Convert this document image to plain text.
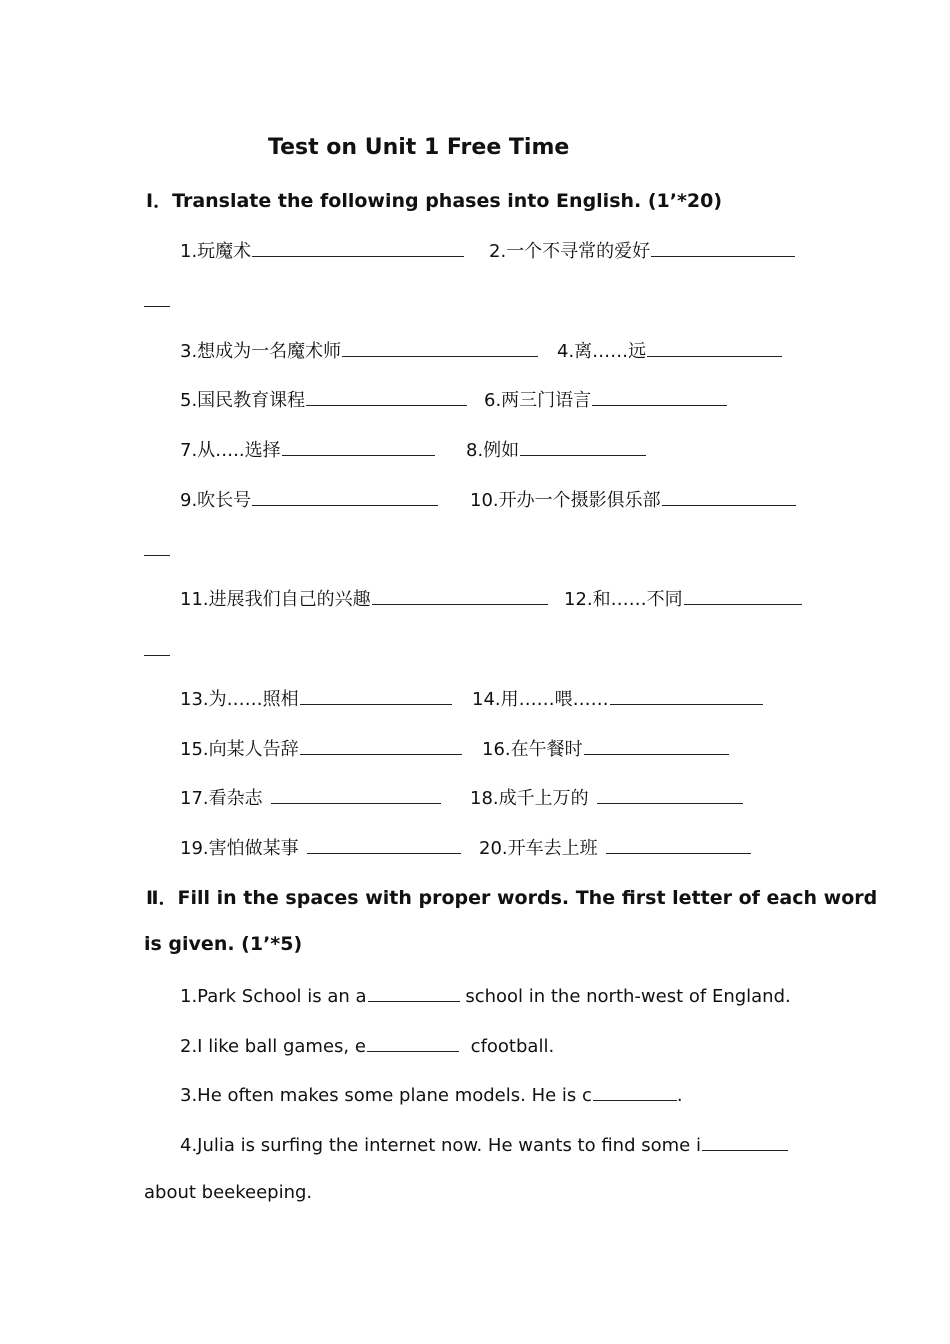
Test on Unit 1 Free Time
Ⅰ．Translate the following phases into English. (1’*20)
1.玩魔术	2.一个不寻常的爱好
3.想成为一名魔术师	4.离……远
5.国民教育课程	6.两三门语言
7.从…..选择	8.例如
9.吹长号	10.开办一个摄影俱乐部
11.进展我们自己的兴趣	12.和……不同
13.为……照相	14.用……喂……
15.向某人告辞	16.在午餐时
17.看杂志	18.成千上万的
19.害怕做某事	20.开车去上班
Ⅱ．Fill in the spaces with proper words. The first letter of each word
is given. (1’*5)
1.Park School is an a	school in the north-west of England.
2.I like ball games, e	cfootball.
3.He often makes some plane models. He is c	.
4.Julia is surfing the internet now. He wants to find some i
about beekeeping.
